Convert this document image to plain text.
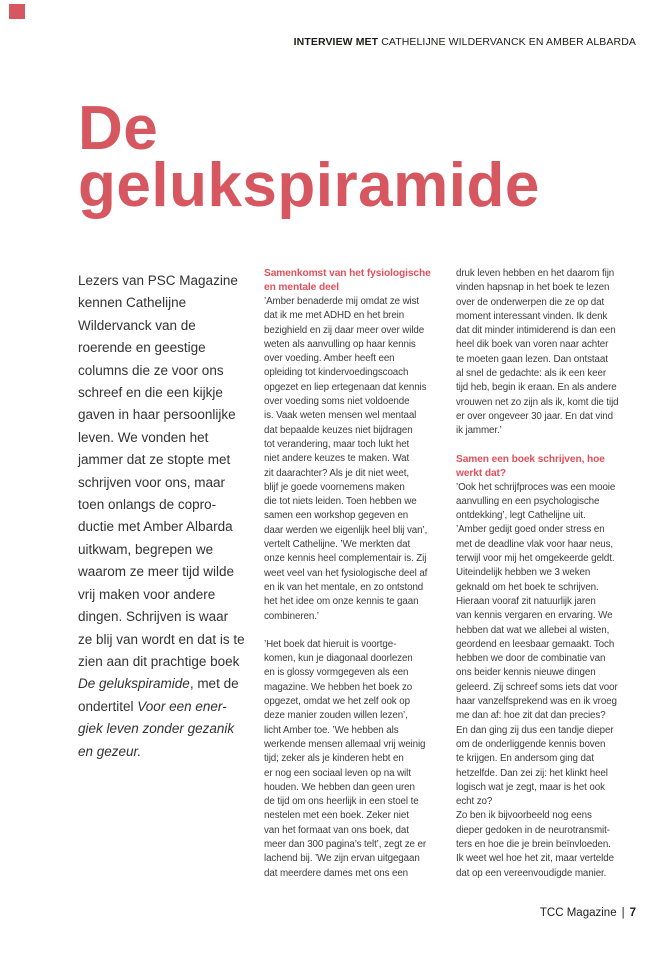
INTERVIEW MET CATHELIJNE WILDERVANCK EN AMBER ALBARDA
De
gelukspiramide
Lezers van PSC Magazine
kennen Cathelijne
Wildervanck van de
roerende en geestige
columns die ze voor ons
schreef en die een kijkje
gaven in haar persoonlijke
leven. We vonden het
jammer dat ze stopte met
schrijven voor ons, maar
toen onlangs de copro-
ductie met Amber Albarda
uitkwam, begrepen we
waarom ze meer tijd wilde
vrij maken voor andere
dingen. Schrijven is waar
ze blij van wordt en dat is te
zien aan dit prachtige boek
De gelukspiramide, met de
ondertitel Voor een ener-
giek leven zonder gezanik
en gezeur.
Samenkomst van het fysiologische
en mentale deel
’Amber benaderde mij omdat ze wist
dat ik me met ADHD en het brein
bezighield en zij daar meer over wilde
weten als aanvulling op haar kennis
over voeding. Amber heeft een
opleiding tot kindervoedingscoach
opgezet en liep ertegenaan dat kennis
over voeding soms niet voldoende
is. Vaak weten mensen wel mentaal
dat bepaalde keuzes niet bijdragen
tot verandering, maar toch lukt het
niet andere keuzes te maken. Wat
zit daarachter? Als je dit niet weet,
blijf je goede voornemens maken
die tot niets leiden. Toen hebben we
samen een workshop gegeven en
daar werden we eigenlijk heel blij van’,
vertelt Cathelijne. ’We merkten dat
onze kennis heel complementair is. Zij
weet veel van het fysiologische deel af
en ik van het mentale, en zo ontstond
het het idee om onze kennis te gaan
combineren.’
’Het boek dat hieruit is voortge-
komen, kun je diagonaal doorlezen
en is glossy vormgegeven als een
magazine. We hebben het boek zo
opgezet, omdat we het zelf ook op
deze manier zouden willen lezen’,
licht Amber toe. ’We hebben als
werkende mensen allemaal vrij weinig
tijd; zeker als je kinderen hebt en
er nog een sociaal leven op na wilt
houden. We hebben dan geen uren
de tijd om ons heerlijk in een stoel te
nestelen met een boek. Zeker niet
van het formaat van ons boek, dat
meer dan 300 pagina’s telt’, zegt ze er
lachend bij. ’We zijn ervan uitgegaan
dat meerdere dames met ons een
druk leven hebben en het daarom fijn
vinden hapsnap in het boek te lezen
over de onderwerpen die ze op dat
moment interessant vinden. Ik denk
dat dit minder intimiderend is dan een
heel dik boek van voren naar achter
te moeten gaan lezen. Dan ontstaat
al snel de gedachte: als ik een keer
tijd heb, begin ik eraan. En als andere
vrouwen net zo zijn als ik, komt die tijd
er over ongeveer 30 jaar. En dat vind
ik jammer.’
Samen een boek schrijven, hoe
werkt dat?
’Ook het schrijfproces was een mooie
aanvulling en een psychologische
ontdekking’, legt Cathelijne uit.
’Amber gedijt goed onder stress en
met de deadline vlak voor haar neus,
terwijl voor mij het omgekeerde geldt.
Uiteindelijk hebben we 3 weken
geknald om het boek te schrijven.
Hieraan vooraf zit natuurlijk jaren
van kennis vergaren en ervaring. We
hebben dat wat we allebei al wisten,
geordend en leesbaar gemaakt. Toch
hebben we door de combinatie van
ons beider kennis nieuwe dingen
geleerd. Zij schreef soms iets dat voor
haar vanzelfsprekend was en ik vroeg
me dan af: hoe zit dat dan precies?
En dan ging zij dus een tandje dieper
om de onderliggende kennis boven
te krijgen. En andersom ging dat
hetzelfde. Dan zei zij: het klinkt heel
logisch wat je zegt, maar is het ook
echt zo?
Zo ben ik bijvoorbeeld nog eens
dieper gedoken in de neurotransmit-
ters en hoe die je brein beïnvloeden.
Ik weet wel hoe het zit, maar vertelde
dat op een vereenvoudigde manier.
TCC Magazine | 7
